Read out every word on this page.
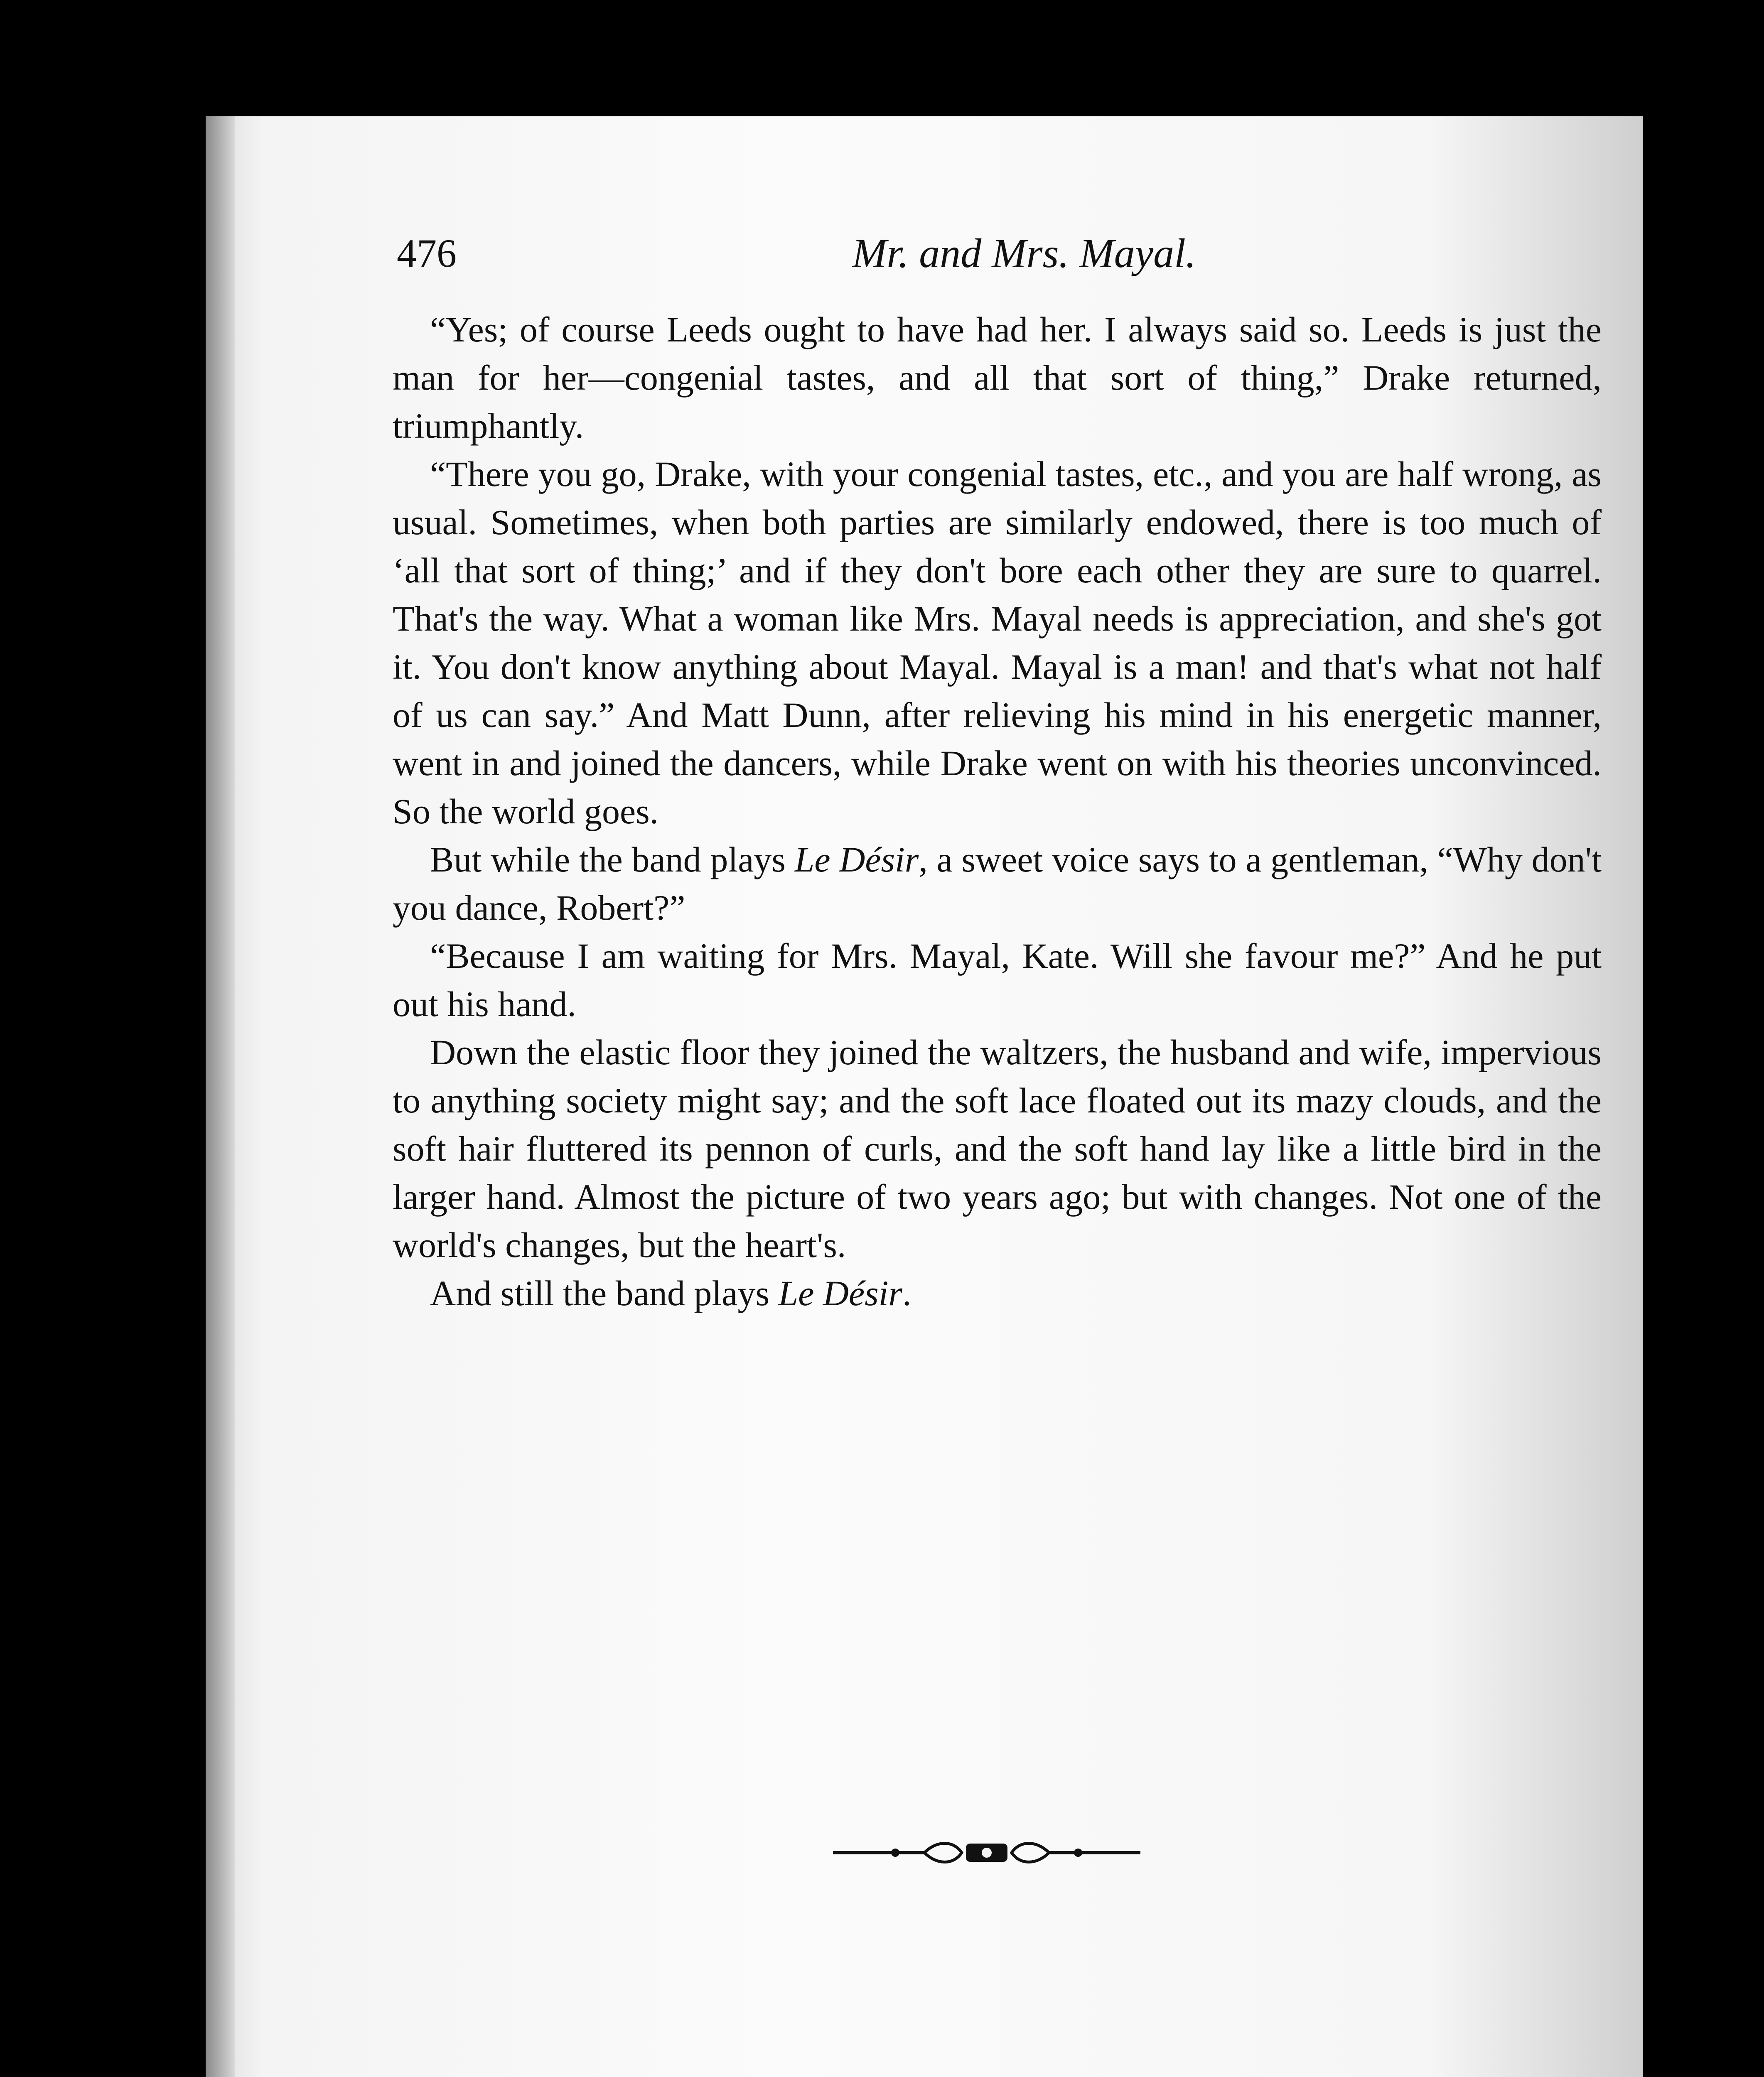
476	Mr. and Mrs. Mayal.

“Yes; of course Leeds ought to have had her. I always said so. Leeds is just the man for her—congenial tastes, and all that sort of thing,” Drake returned, triumphantly.

“There you go, Drake, with your congenial tastes, etc., and you are half wrong, as usual. Sometimes, when both parties are similarly endowed, there is too much of ‘all that sort of thing;’ and if they don't bore each other they are sure to quarrel. That's the way. What a woman like Mrs. Mayal needs is appreciation, and she's got it. You don't know anything about Mayal. Mayal is a man! and that's what not half of us can say.” And Matt Dunn, after relieving his mind in his energetic manner, went in and joined the dancers, while Drake went on with his theories unconvinced. So the world goes.

But while the band plays Le Désir, a sweet voice says to a gentleman, “Why don't you dance, Robert?”

“Because I am waiting for Mrs. Mayal, Kate. Will she favour me?” And he put out his hand.

Down the elastic floor they joined the waltzers, the husband and wife, impervious to anything society might say; and the soft lace floated out its mazy clouds, and the soft hair fluttered its pennon of curls, and the soft hand lay like a little bird in the larger hand. Almost the picture of two years ago; but with changes. Not one of the world's changes, but the heart's.

And still the band plays Le Désir.
